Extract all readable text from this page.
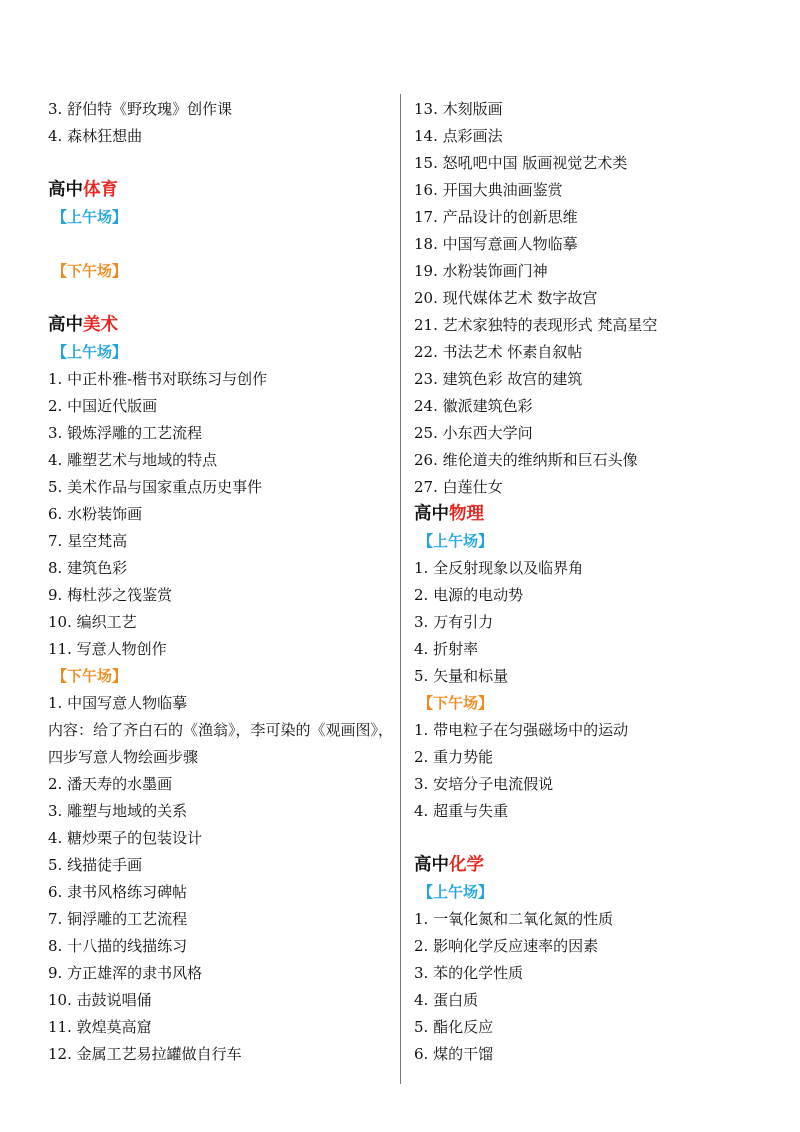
3. 舒伯特《野玫瑰》创作课
4. 森林狂想曲
高中体育
【上午场】
【下午场】
高中美术
【上午场】
1. 中正朴雅-楷书对联练习与创作
2. 中国近代版画
3. 锻炼浮雕的工艺流程
4. 雕塑艺术与地域的特点
5. 美术作品与国家重点历史事件
6. 水粉装饰画
7. 星空梵高
8. 建筑色彩
9. 梅杜莎之筏鉴赏
10. 编织工艺
11. 写意人物创作
【下午场】
1. 中国写意人物临摹
内容：给了齐白石的《渔翁》，李可染的《观画图》，四步写意人物绘画步骤
2. 潘天寿的水墨画
3. 雕塑与地域的关系
4. 糖炒栗子的包装设计
5. 线描徒手画
6. 隶书风格练习碑帖
7. 铜浮雕的工艺流程
8. 十八描的线描练习
9. 方正雄浑的隶书风格
10. 击鼓说唱俑
11. 敦煌莫高窟
12. 金属工艺易拉罐做自行车
13. 木刻版画
14. 点彩画法
15. 怒吼吧中国 版画视觉艺术类
16. 开国大典油画鉴赏
17. 产品设计的创新思维
18. 中国写意画人物临摹
19. 水粉装饰画门神
20. 现代媒体艺术 数字故宫
21. 艺术家独特的表现形式 梵高星空
22. 书法艺术 怀素自叙帖
23. 建筑色彩 故宫的建筑
24. 徽派建筑色彩
25. 小东西大学问
26. 维伦道夫的维纳斯和巨石头像
27. 白莲仕女
高中物理
【上午场】
1. 全反射现象以及临界角
2. 电源的电动势
3. 万有引力
4. 折射率
5. 矢量和标量
【下午场】
1. 带电粒子在匀强磁场中的运动
2. 重力势能
3. 安培分子电流假说
4. 超重与失重
高中化学
【上午场】
1. 一氧化氮和二氧化氮的性质
2. 影响化学反应速率的因素
3. 苯的化学性质
4. 蛋白质
5. 酯化反应
6. 煤的干馏
